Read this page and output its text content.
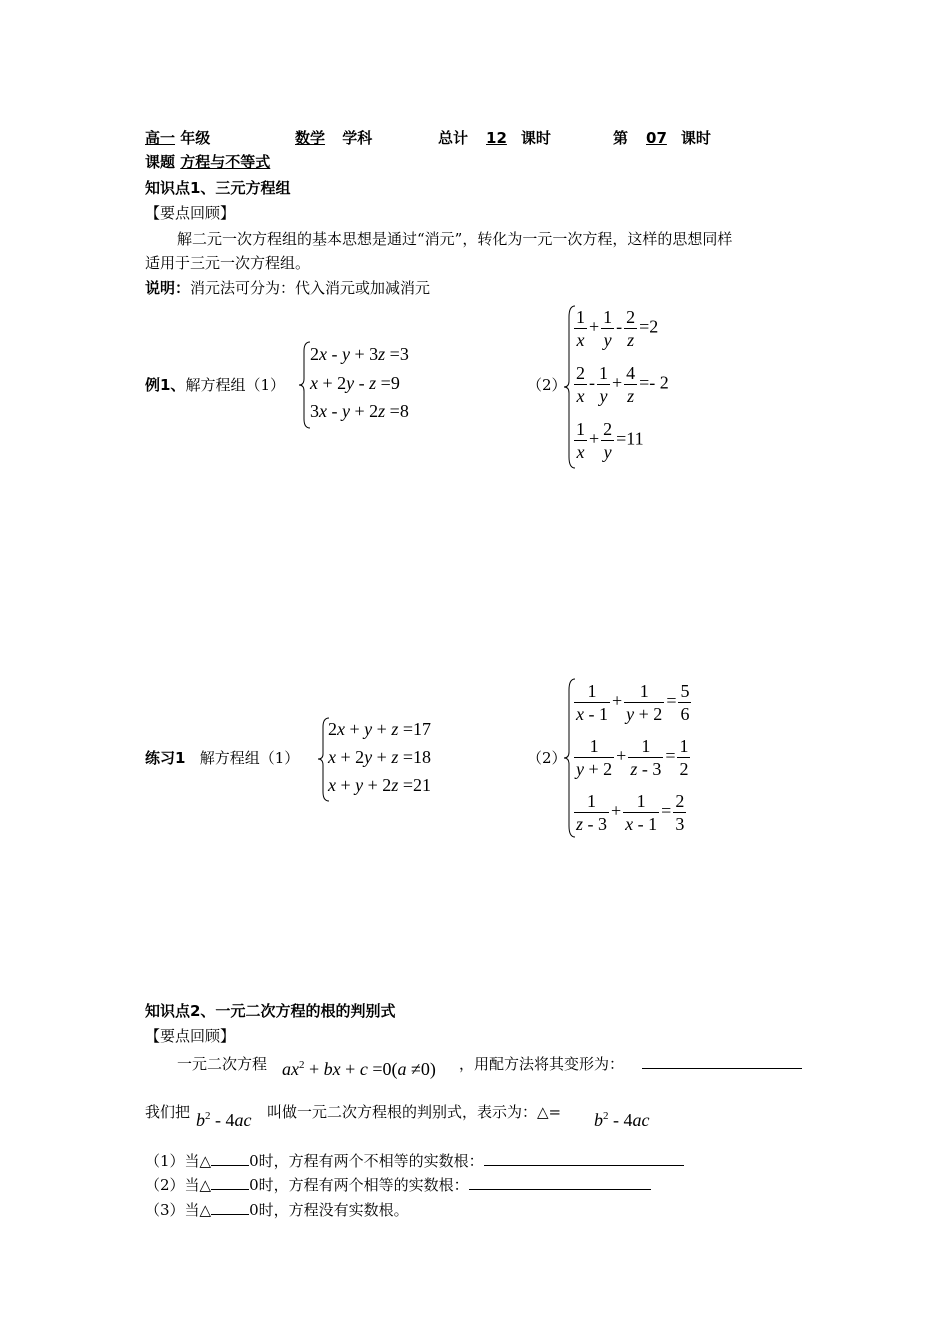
高一 年级	数学 学科	总计 12 课时	第 07 课时
课题 方程与不等式
知识点1、三元方程组
【要点回顾】
解二元一次方程组的基本思想是通过“消元”，转化为一元一次方程，这样的思想同样
适用于三元一次方程组。
说明：消元法可分为：代入消元或加减消元
例1、解方程组（1）
2x - y + 3z =3
x + 2y - z =9
3x - y + 2z =8
（2）
$\frac{1}{x} + \frac{1}{y} - \frac{2}{z} =2$
$\frac{2}{x} - \frac{1}{y} + \frac{4}{z} =- 2$
$\frac{1}{x} + \frac{2}{y} =11$
练习1 解方程组（1）
2x + y + z =17
x + 2y + z =18
x + y + 2z =21
（2）
$\frac{1}{x - 1} + \frac{1}{y + 2} = \frac{5}{6}$
$\frac{1}{y + 2} + \frac{1}{z - 3} = \frac{1}{2}$
$\frac{1}{z - 3} + \frac{1}{x - 1} = \frac{2}{3}$
知识点2、一元二次方程的根的判别式
【要点回顾】
一元二次方程 $ax^2$ + bx + c =0(a ≠0) ，用配方法将其变形为：
我们把 $b^2 - 4ac$ 叫做一元二次方程根的判别式，表示为：△= $b^2 - 4ac$
（1）当△	0时，方程有两个不相等的实数根：
（2）当△	0时，方程有两个相等的实数根：
（3）当△	0时，方程没有实数根。
